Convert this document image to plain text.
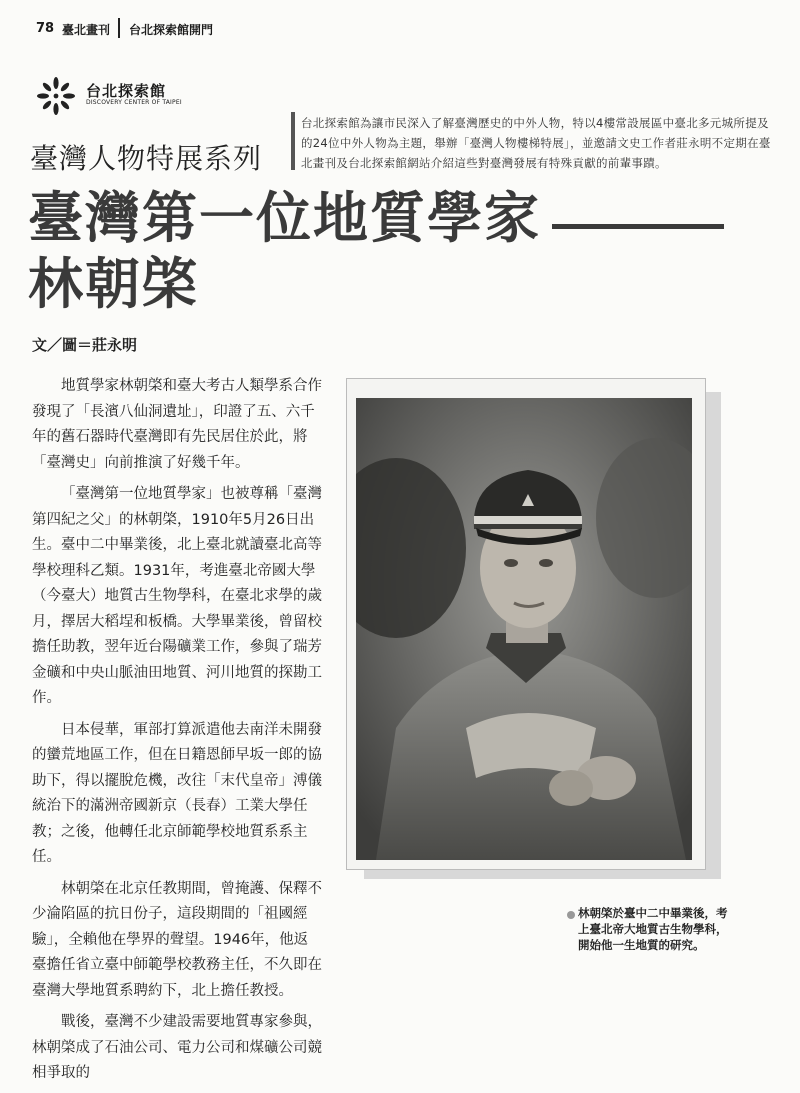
78 臺北畫刊 台北探索館開門
台北探索館
DISCOVERY CENTER OF TAIPEI
臺灣人物特展系列
台北探索館為讓市民深入了解臺灣歷史的中外人物，特以4樓常設展區中臺北多元城所提及的24位中外人物為主題，舉辦「臺灣人物樓梯特展」，並邀請文史工作者莊永明不定期在臺北畫刊及台北探索館網站介紹這些對臺灣發展有特殊貢獻的前輩事蹟。
臺灣第一位地質學家
林朝棨
文／圖＝莊永明

地質學家林朝棨和臺大考古人類學系合作發現了「長濱八仙洞遺址」，印證了五、六千年的舊石器時代臺灣即有先民居住於此，將「臺灣史」向前推演了好幾千年。

「臺灣第一位地質學家」也被尊稱「臺灣第四紀之父」的林朝棨，1910年5月26日出生。臺中二中畢業後，北上臺北就讀臺北高等學校理科乙類。1931年，考進臺北帝國大學（今臺大）地質古生物學科，在臺北求學的歲月，擇居大稻埕和板橋。大學畢業後，曾留校擔任助教，翌年近台陽礦業工作，參與了瑞芳金礦和中央山脈油田地質、河川地質的探勘工作。

日本侵華，軍部打算派遣他去南洋未開發的蠻荒地區工作，但在日籍恩師早坂一郎的協助下，得以擺脫危機，改往「末代皇帝」溥儀統治下的滿洲帝國新京（長春）工業大學任教；之後，他轉任北京師範學校地質系系主任。

林朝棨在北京任教期間，曾掩護、保釋不少淪陷區的抗日份子，這段期間的「祖國經驗」，全賴他在學界的聲望。1946年，他返臺擔任省立臺中師範學校教務主任，不久即在臺灣大學地質系聘約下，北上擔任教授。

戰後，臺灣不少建設需要地質專家參與，林朝棨成了石油公司、電力公司和煤礦公司競相爭取的

林朝棨於臺中二中畢業後，考上臺北帝大地質古生物學科，開始他一生地質的研究。
